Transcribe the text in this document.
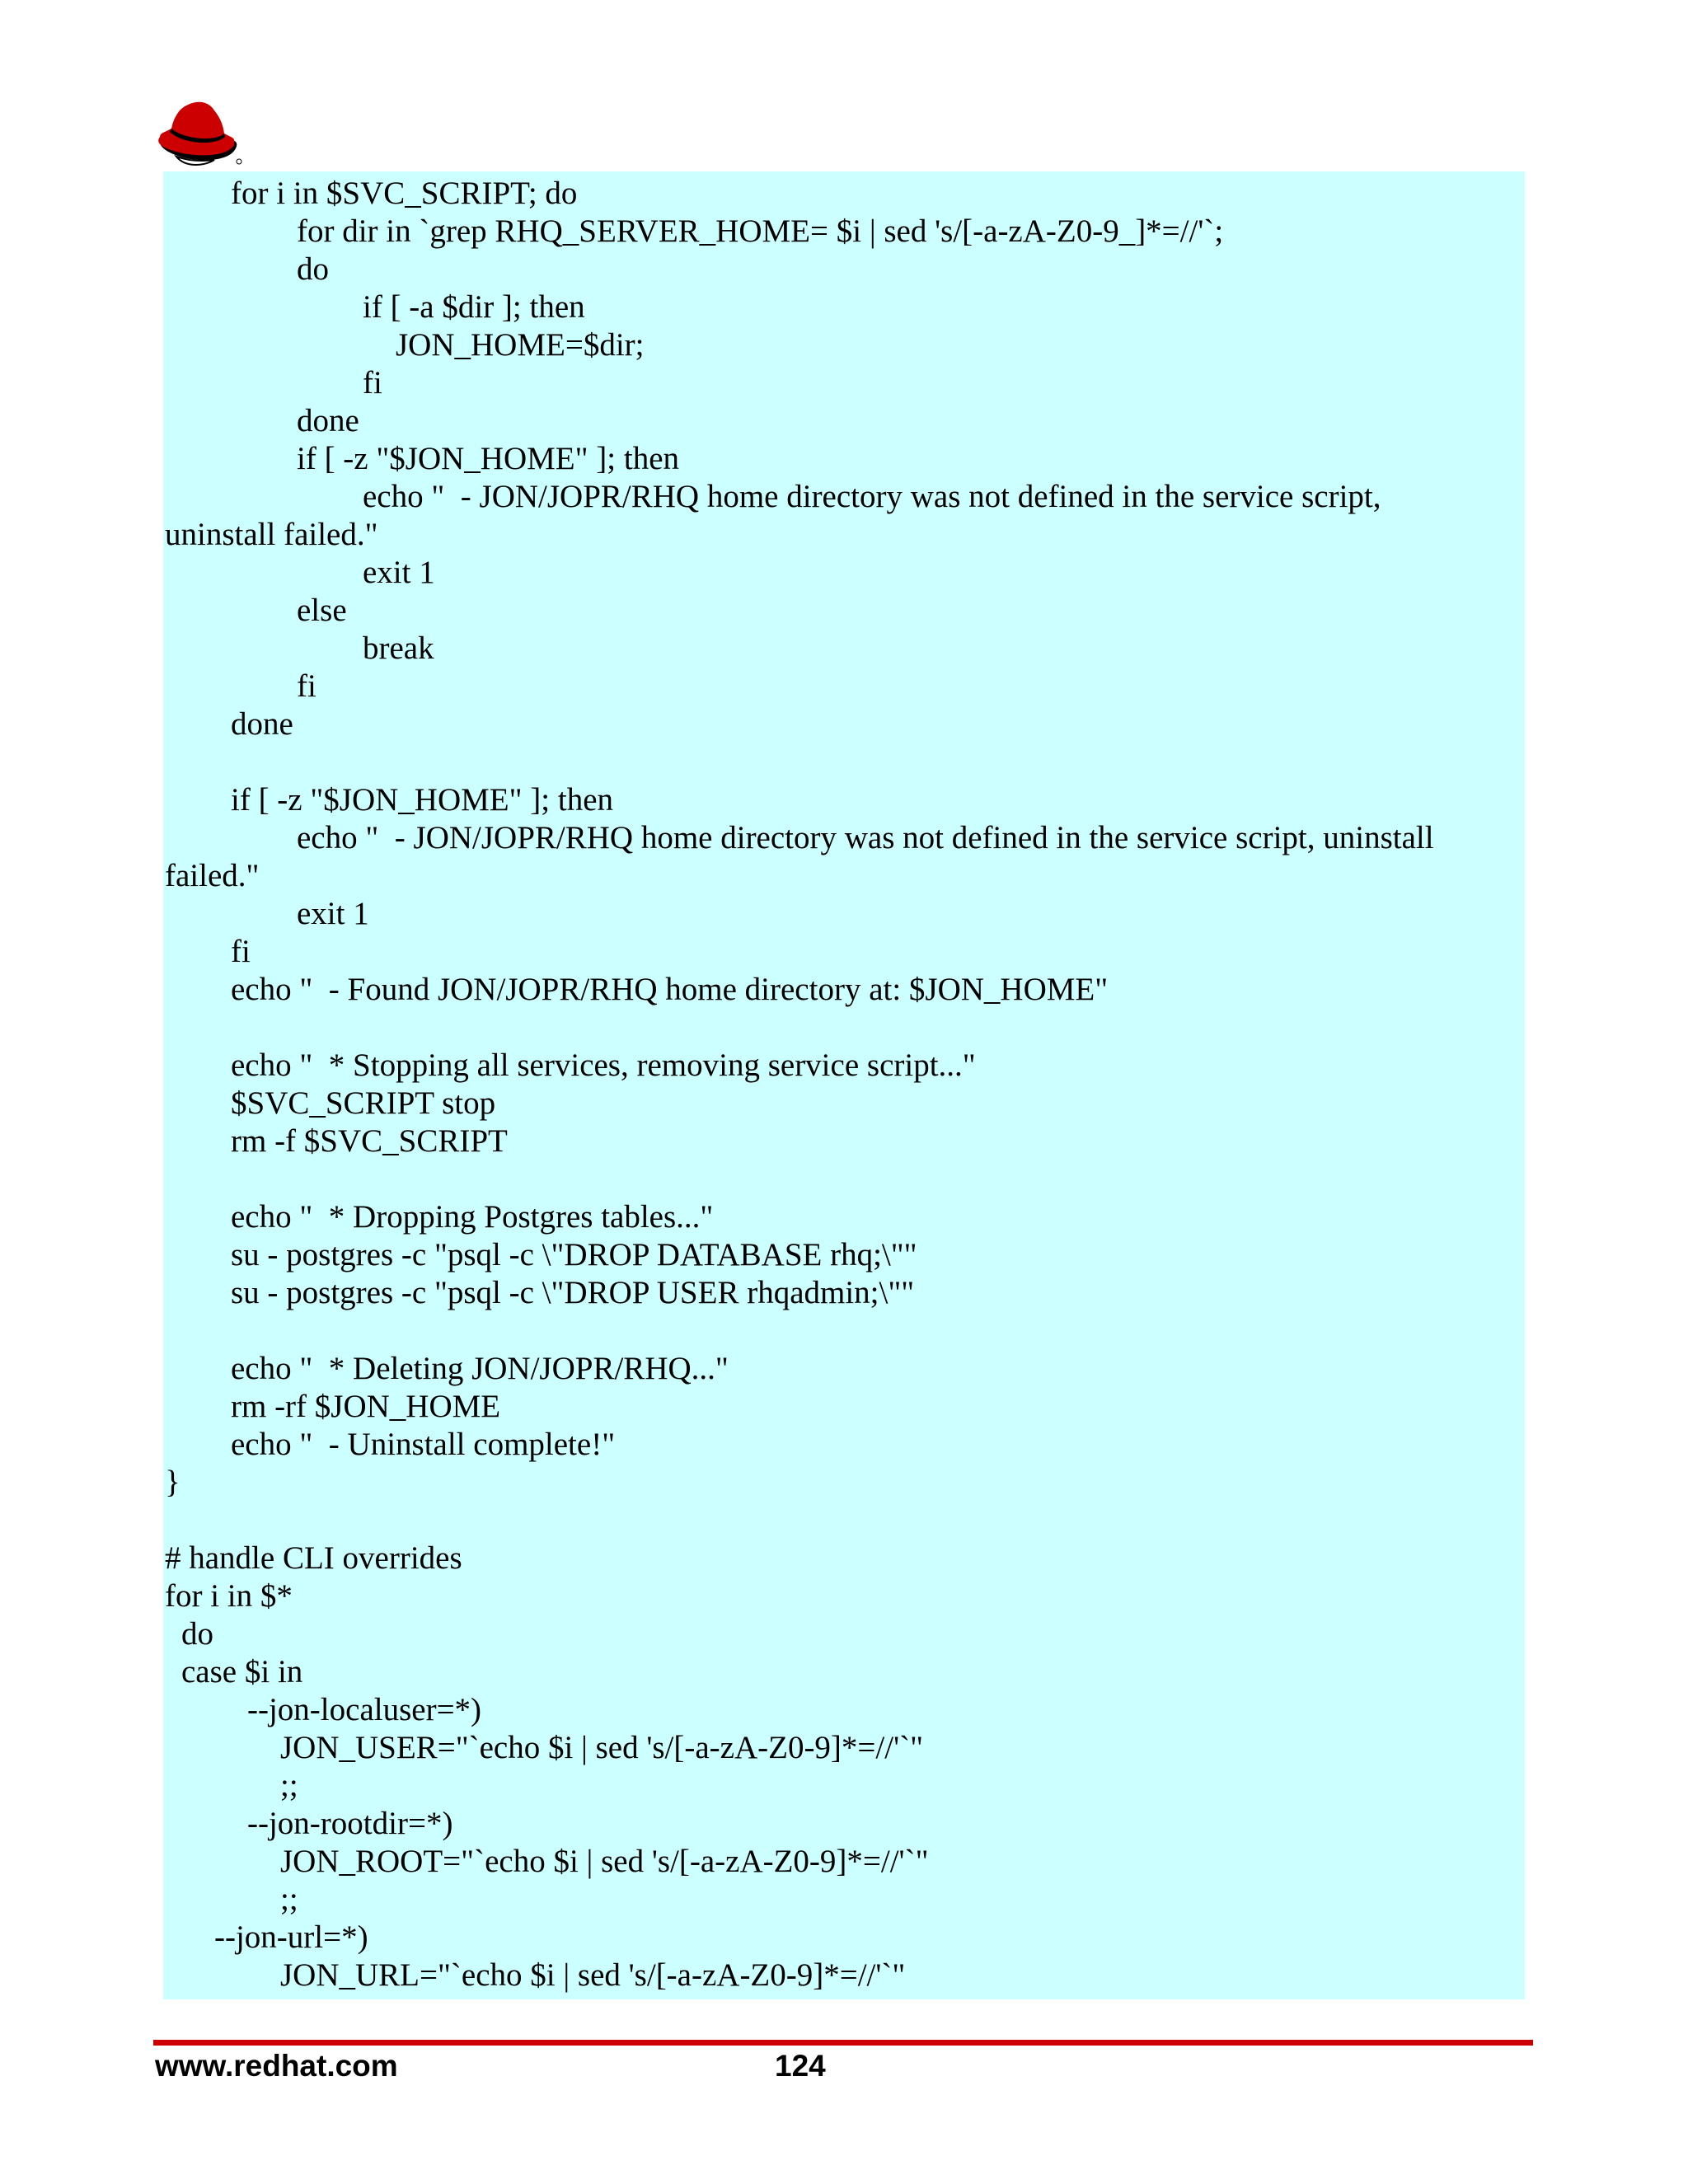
for i in $SVC_SCRIPT; do
for dir in `grep RHQ_SERVER_HOME= $i | sed 's/[-a-zA-Z0-9_]*=//'`;
do
if [ -a $dir ]; then
JON_HOME=$dir;
fi
done
if [ -z "$JON_HOME" ]; then
echo "  - JON/JOPR/RHQ home directory was not defined in the service script,
uninstall failed."
exit 1
else
break
fi
done
if [ -z "$JON_HOME" ]; then
echo "  - JON/JOPR/RHQ home directory was not defined in the service script, uninstall
failed."
exit 1
fi
echo "  - Found JON/JOPR/RHQ home directory at: $JON_HOME"
echo "  * Stopping all services, removing service script..."
$SVC_SCRIPT stop
rm -f $SVC_SCRIPT
echo "  * Dropping Postgres tables..."
su - postgres -c "psql -c \"DROP DATABASE rhq;\""
su - postgres -c "psql -c \"DROP USER rhqadmin;\""
echo "  * Deleting JON/JOPR/RHQ..."
rm -rf $JON_HOME
echo "  - Uninstall complete!"
}
# handle CLI overrides
for i in $*
do
case $i in
--jon-localuser=*)
JON_USER="`echo $i | sed 's/[-a-zA-Z0-9]*=//'`"
;;
--jon-rootdir=*)
JON_ROOT="`echo $i | sed 's/[-a-zA-Z0-9]*=//'`"
;;
--jon-url=*)
JON_URL="`echo $i | sed 's/[-a-zA-Z0-9]*=//'`"
www.redhat.com	124
